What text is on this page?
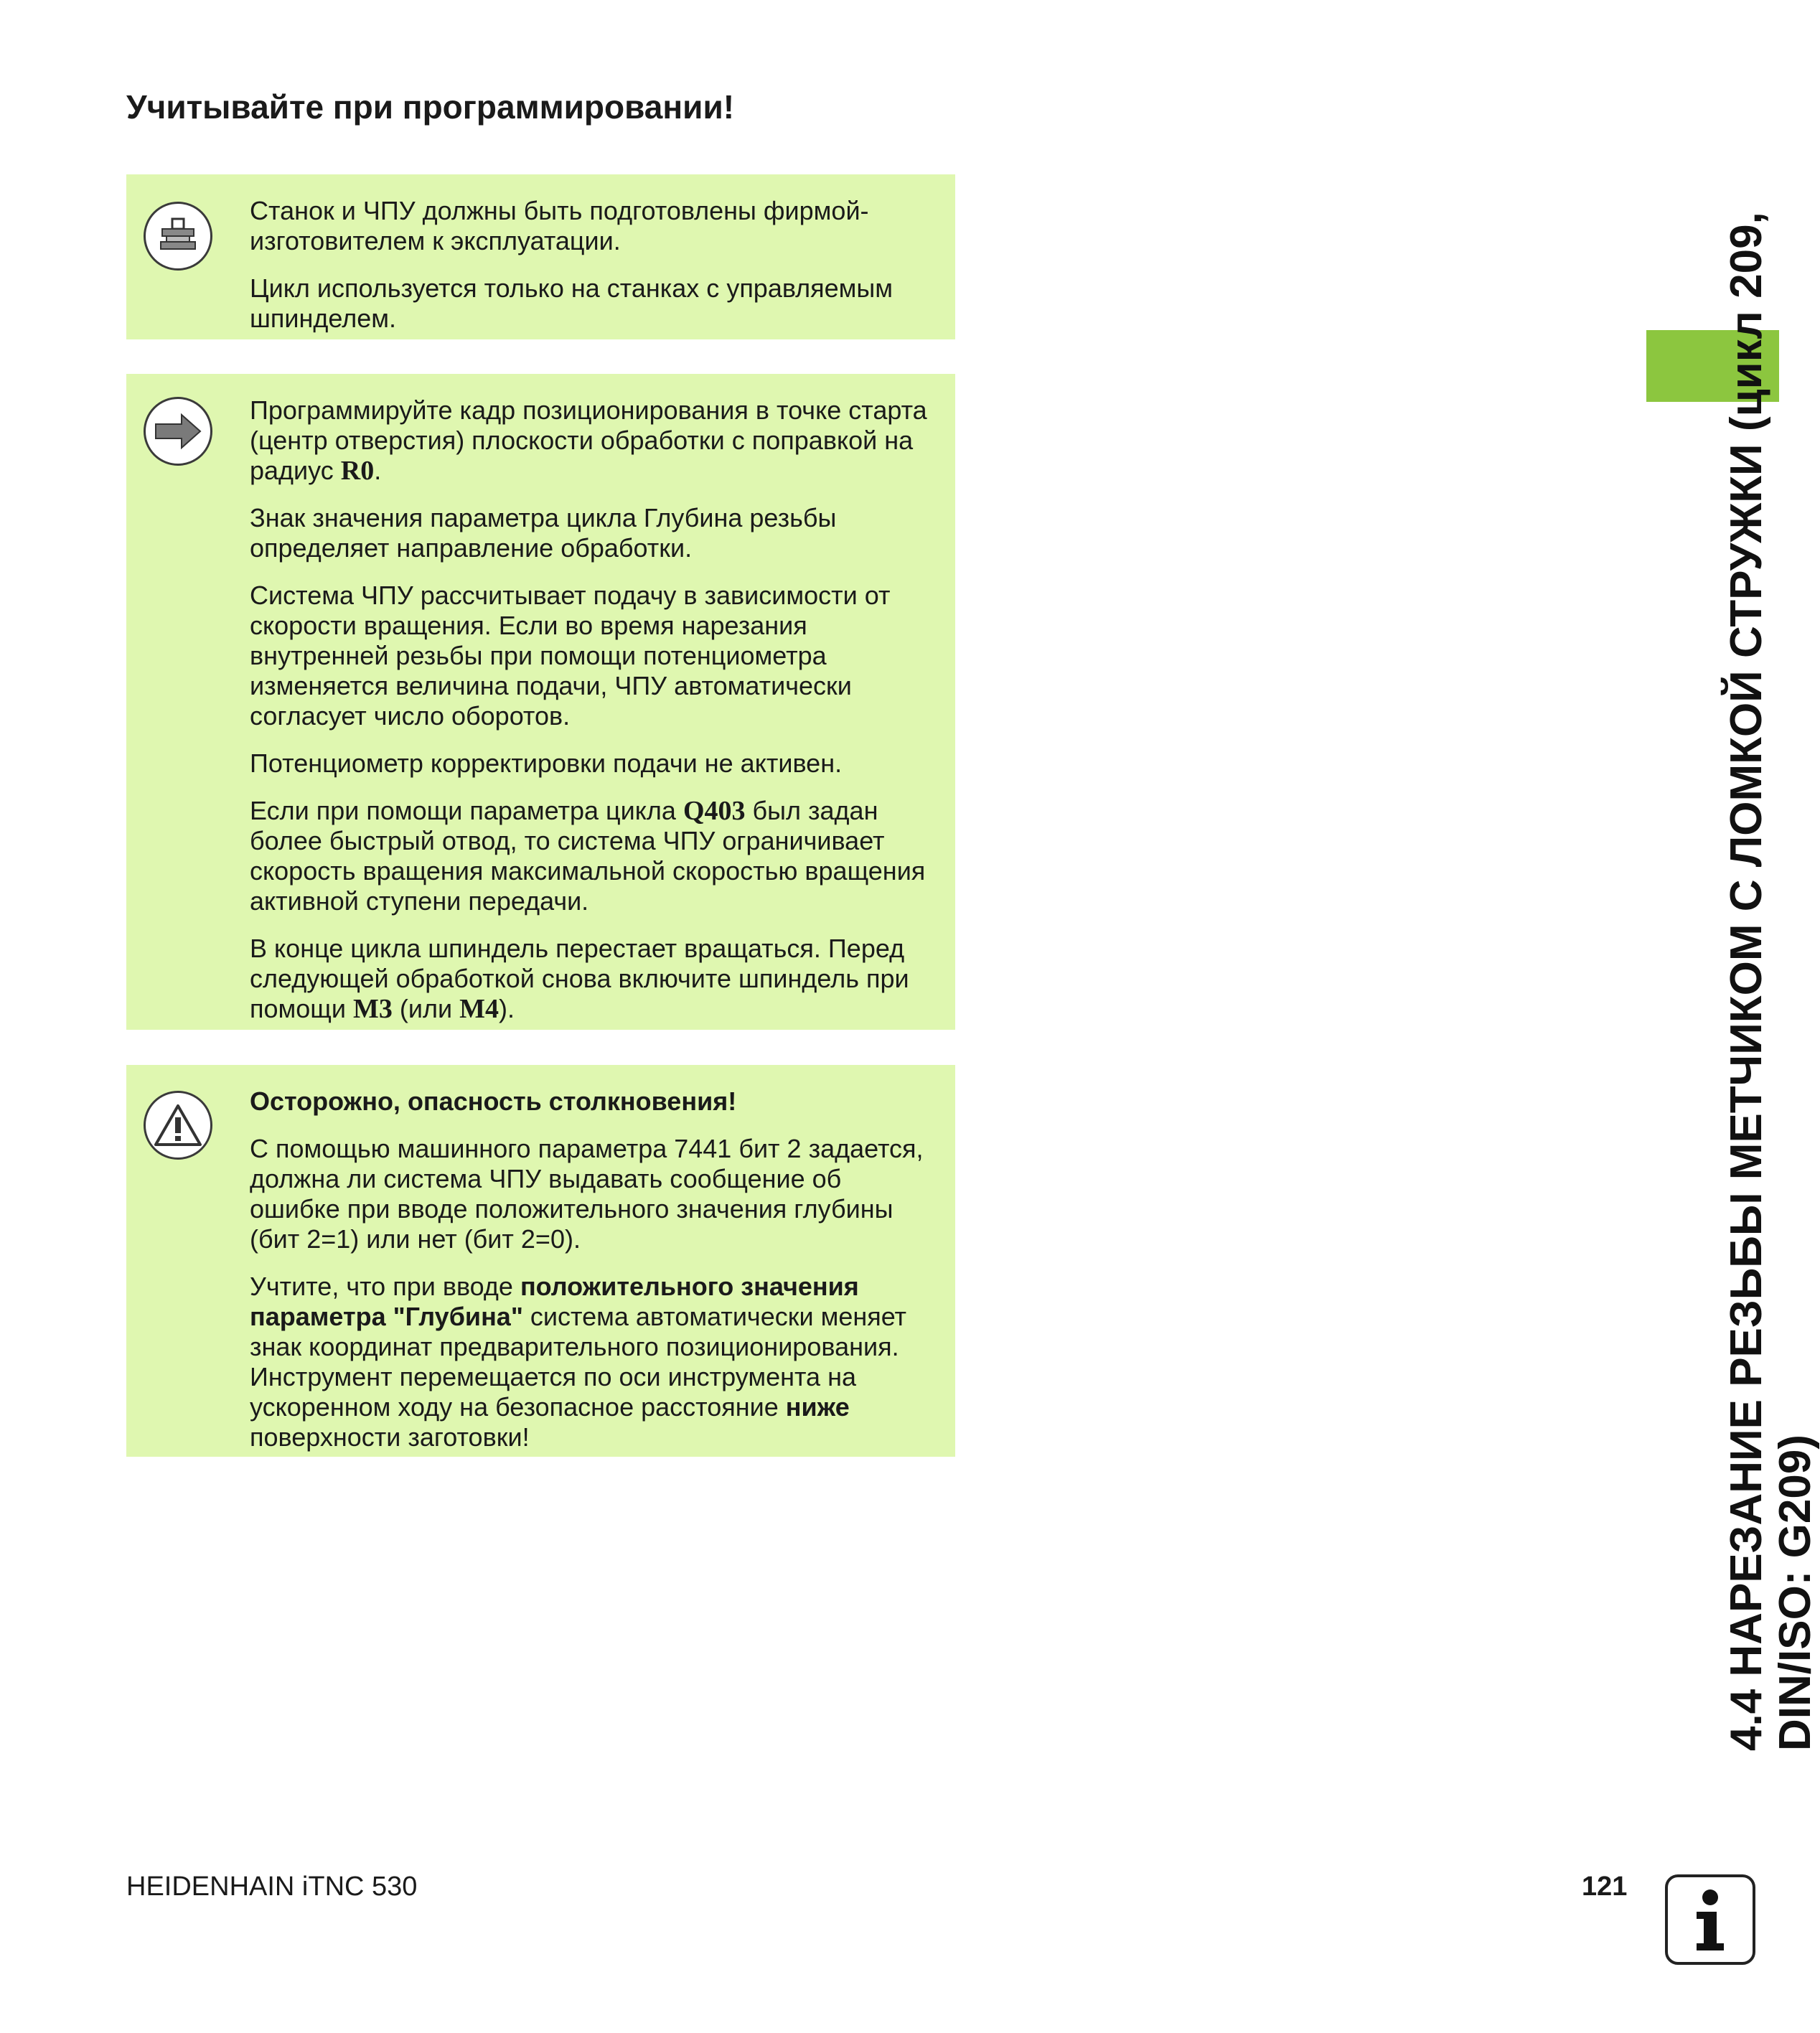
Учитывайте при программировании!

Станок и ЧПУ должны быть подготовлены фирмой-изготовителем к эксплуатации.

Цикл используется только на станках с управляемым шпинделем.

Программируйте кадр позиционирования в точке старта (центр отверстия) плоскости обработки с поправкой на радиус R0.

Знак значения параметра цикла Глубина резьбы определяет направление обработки.

Система ЧПУ рассчитывает подачу в зависимости от скорости вращения. Если во время нарезания внутренней резьбы при помощи потенциометра изменяется величина подачи, ЧПУ автоматически согласует число оборотов.

Потенциометр корректировки подачи не активен.

Если при помощи параметра цикла Q403 был задан более быстрый отвод, то система ЧПУ ограничивает скорость вращения максимальной скоростью вращения активной ступени передачи.

В конце цикла шпиндель перестает вращаться. Перед следующей обработкой снова включите шпиндель при помощи M3 (или M4).

Осторожно, опасность столкновения!

С помощью машинного параметра 7441 бит 2 задается, должна ли система ЧПУ выдавать сообщение об ошибке при вводе положительного значения глубины (бит 2=1) или нет (бит 2=0).

Учтите, что при вводе положительного значения параметра "Глубина" система автоматически меняет знак координат предварительного позиционирования. Инструмент перемещается по оси инструмента на ускоренном ходу на безопасное расстояние ниже поверхности заготовки!	4.4 НАРЕЗАНИЕ РЕЗЬБЫ МЕТЧИКОМ С ЛОМКОЙ СТРУЖКИ (цикл 209, DIN/ISO: G209)
HEIDENHAIN iTNC 530	121
